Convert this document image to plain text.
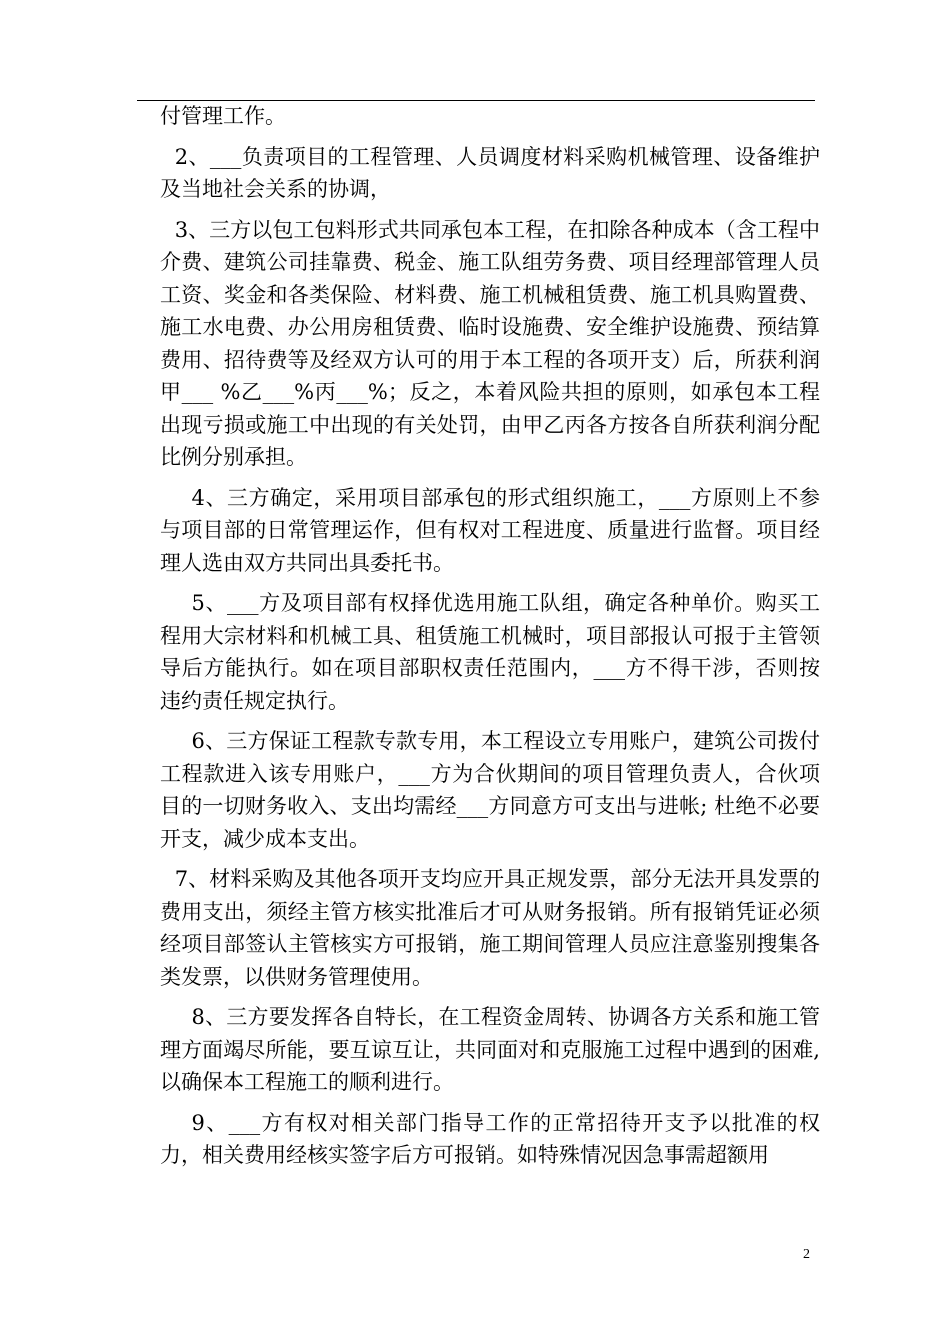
付管理工作。

2、___负责项目的工程管理、人员调度材料采购机械管理、设备维护及当地社会关系的协调，

3、三方以包工包料形式共同承包本工程，在扣除各种成本（含工程中介费、建筑公司挂靠费、税金、施工队组劳务费、项目经理部管理人员工资、奖金和各类保险、材料费、施工机械租赁费、施工机具购置费、施工水电费、办公用房租赁费、临时设施费、安全维护设施费、预结算费用、招待费等及经双方认可的用于本工程的各项开支）后，所获利润甲___ %乙___%丙___%；反之，本着风险共担的原则，如承包本工程出现亏损或施工中出现的有关处罚，由甲乙丙各方按各自所获利润分配比例分别承担。

4、三方确定，采用项目部承包的形式组织施工，___方原则上不参与项目部的日常管理运作，但有权对工程进度、质量进行监督。项目经理人选由双方共同出具委托书。

5、___方及项目部有权择优选用施工队组，确定各种单价。购买工程用大宗材料和机械工具、租赁施工机械时，项目部报认可报于主管领导后方能执行。如在项目部职权责任范围内，___方不得干涉，否则按违约责任规定执行。

6、三方保证工程款专款专用，本工程设立专用账户，建筑公司拨付工程款进入该专用账户，___方为合伙期间的项目管理负责人，合伙项目的一切财务收入、支出均需经___方同意方可支出与进帐; 杜绝不必要开支，减少成本支出。

7、材料采购及其他各项开支均应开具正规发票，部分无法开具发票的费用支出，须经主管方核实批准后才可从财务报销。所有报销凭证必须经项目部签认主管核实方可报销，施工期间管理人员应注意鉴别搜集各类发票，以供财务管理使用。

8、三方要发挥各自特长，在工程资金周转、协调各方关系和施工管理方面竭尽所能，要互谅互让，共同面对和克服施工过程中遇到的困难,以确保本工程施工的顺利进行。

9、___方有权对相关部门指导工作的正常招待开支予以批准的权力，相关费用经核实签字后方可报销。如特殊情况因急事需超额用

2
